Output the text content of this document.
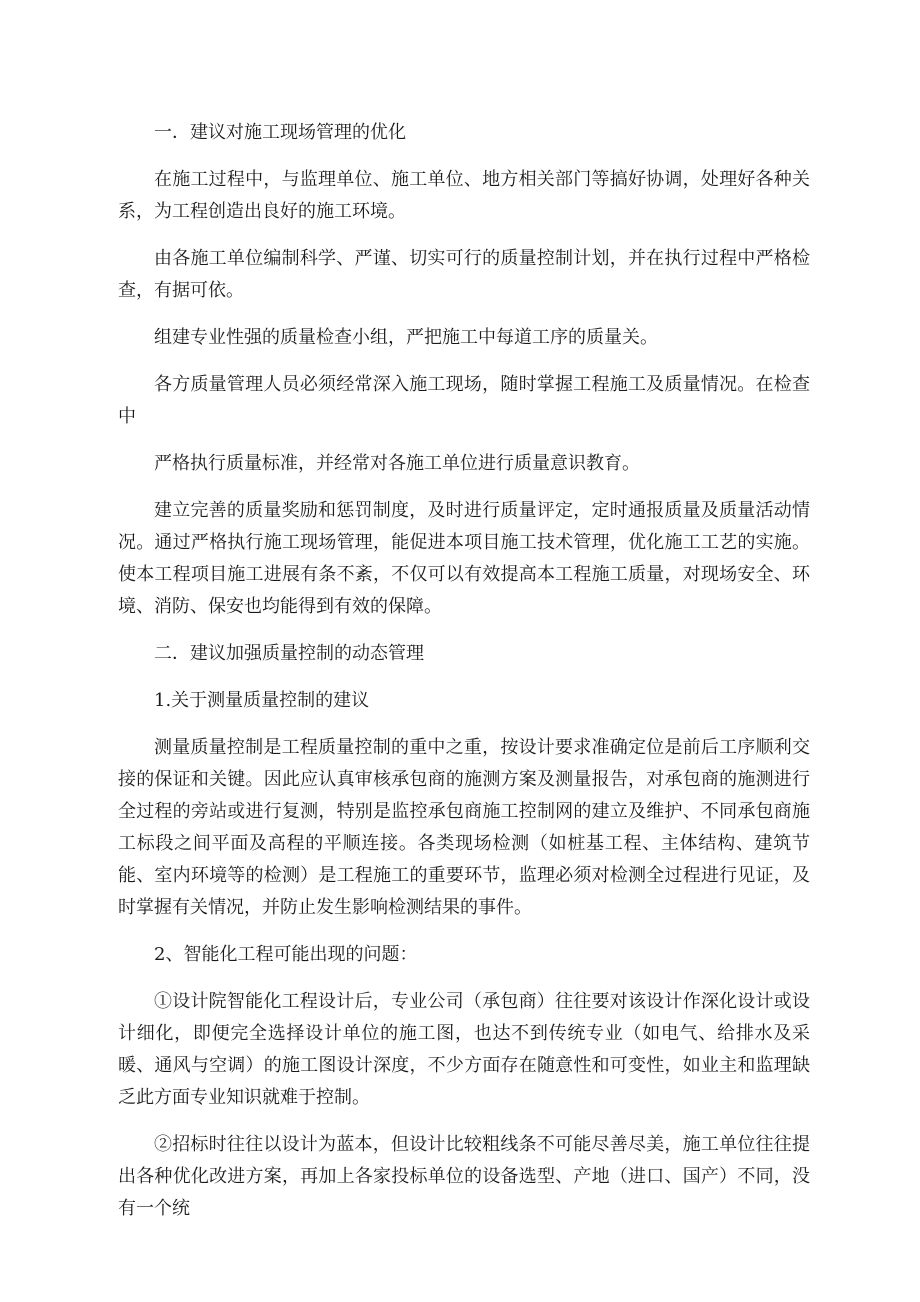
一．建议对施工现场管理的优化

在施工过程中，与监理单位、施工单位、地方相关部门等搞好协调，处理好各种关系，为工程创造出良好的施工环境。

由各施工单位编制科学、严谨、切实可行的质量控制计划，并在执行过程中严格检查，有据可依。

组建专业性强的质量检查小组，严把施工中每道工序的质量关。

各方质量管理人员必须经常深入施工现场，随时掌握工程施工及质量情况。在检查中

严格执行质量标准，并经常对各施工单位进行质量意识教育。

建立完善的质量奖励和惩罚制度，及时进行质量评定，定时通报质量及质量活动情况。通过严格执行施工现场管理，能促进本项目施工技术管理，优化施工工艺的实施。使本工程项目施工进展有条不紊，不仅可以有效提高本工程施工质量，对现场安全、环境、消防、保安也均能得到有效的保障。

二．建议加强质量控制的动态管理

1.关于测量质量控制的建议

测量质量控制是工程质量控制的重中之重，按设计要求准确定位是前后工序顺利交接的保证和关键。因此应认真审核承包商的施测方案及测量报告，对承包商的施测进行全过程的旁站或进行复测，特别是监控承包商施工控制网的建立及维护、不同承包商施工标段之间平面及高程的平顺连接。各类现场检测（如桩基工程、主体结构、建筑节能、室内环境等的检测）是工程施工的重要环节，监理必须对检测全过程进行见证，及时掌握有关情况，并防止发生影响检测结果的事件。

2、智能化工程可能出现的问题：

①设计院智能化工程设计后，专业公司（承包商）往往要对该设计作深化设计或设计细化，即便完全选择设计单位的施工图，也达不到传统专业（如电气、给排水及采暖、通风与空调）的施工图设计深度，不少方面存在随意性和可变性，如业主和监理缺乏此方面专业知识就难于控制。

②招标时往往以设计为蓝本，但设计比较粗线条不可能尽善尽美，施工单位往往提出各种优化改进方案，再加上各家投标单位的设备选型、产地（进口、国产）不同，没有一个统
